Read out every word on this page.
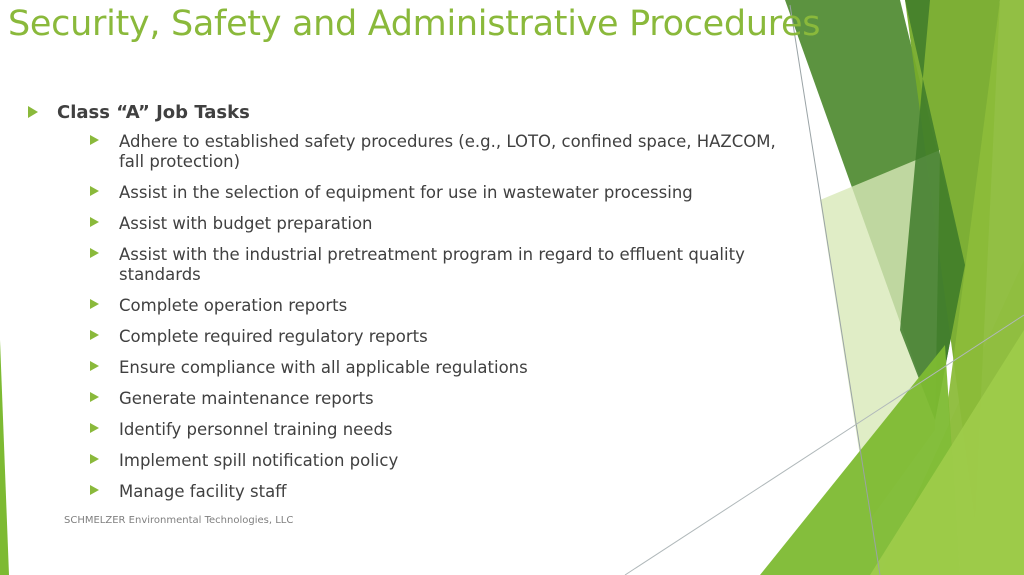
Security, Safety and Administrative Procedures
Class “A” Job Tasks
Adhere to established safety procedures (e.g., LOTO, confined space, HAZCOM, fall protection)
Assist in the selection of equipment for use in wastewater processing
Assist with budget preparation
Assist with the industrial pretreatment program in regard to effluent quality standards
Complete operation reports
Complete required regulatory reports
Ensure compliance with all applicable regulations
Generate maintenance reports
Identify personnel training needs
Implement spill notification policy
Manage facility staff
SCHMELZER Environmental Technologies, LLC
